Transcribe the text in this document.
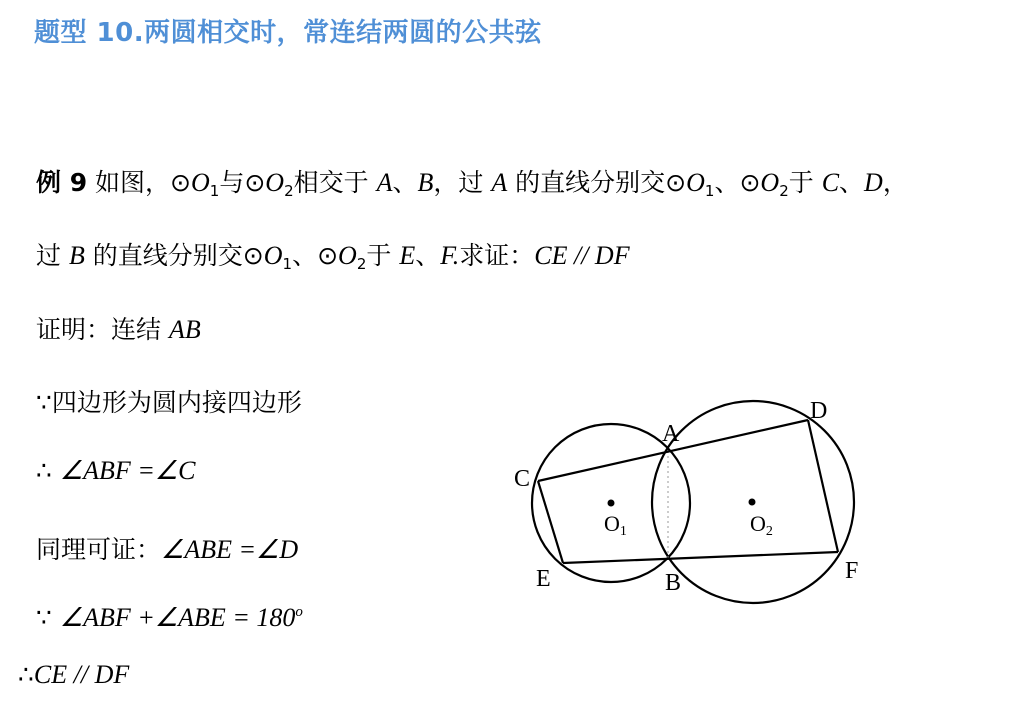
题型 10.两圆相交时，常连结两圆的公共弦
例 9 如图，$⊙O_1$与$⊙O_2$相交于 A、B，过 A 的直线分别交$⊙O_1$、$⊙O_2$于 C、D，
过 B 的直线分别交$⊙O_1$、$⊙O_2$于 E、F.求证：CE // DF
证明：连结 AB
∵四边形为圆内接四边形
∴ ∠ABF =∠C
同理可证：∠ABE =∠D
∵ ∠ABF +∠ABE = $180^o$
∴CE // DF
A
B
C
D
E	F
O1	O2
